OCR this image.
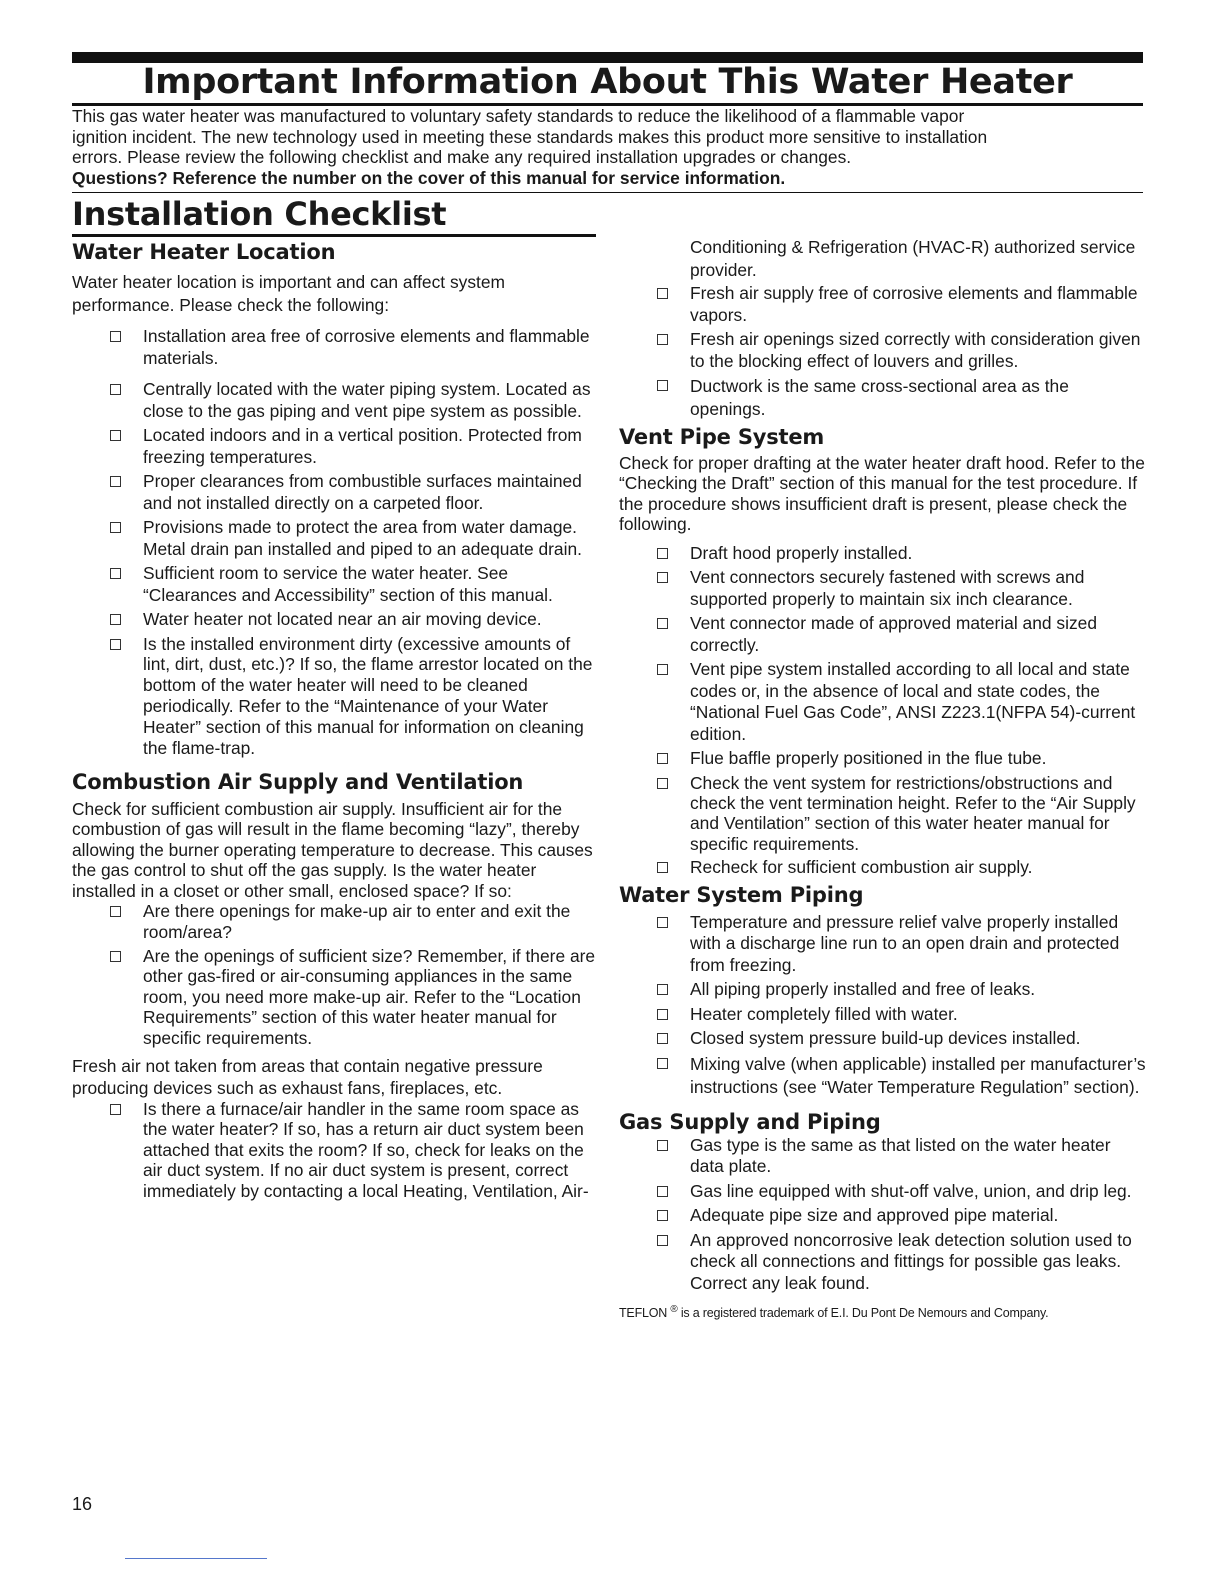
Important Information About This Water Heater

This gas water heater was manufactured to voluntary safety standards to reduce the likelihood of a flammable vapor

ignition incident. The new technology used in meeting these standards makes this product more sensitive to installation

errors. Please review the following checklist and make any required installation upgrades or changes.

Questions? Reference the number on the cover of this manual for service information.

Installation Checklist
Water Heater Location

Water heater location is important and can affect system performance. Please check the following:

Installation area free of corrosive elements and flammable materials.
Centrally located with the water piping system. Located as close to the gas piping and vent pipe system as possible.
Located indoors and in a vertical position. Protected from freezing temperatures.
Proper clearances from combustible surfaces maintained and not installed directly on a carpeted floor.
Provisions made to protect the area from water damage. Metal drain pan installed and piped to an adequate drain.
Sufficient room to service the water heater. See “Clearances and Accessibility” section of this manual.
Water heater not located near an air moving device.
Is the installed environment dirty (excessive amounts of lint, dirt, dust, etc.)? If so, the flame arrestor located on the bottom of the water heater will need to be cleaned periodically. Refer to the “Maintenance of your Water Heater” section of this manual for information on cleaning the flame-trap.
Combustion Air Supply and Ventilation

Check for sufficient combustion air supply. Insufficient air for the combustion of gas will result in the flame becoming “lazy”, thereby allowing the burner operating temperature to decrease. This causes the gas control to shut off the gas supply. Is the water heater installed in a closet or other small, enclosed space? If so:

Are there openings for make-up air to enter and exit the room/area?
Are the openings of sufficient size? Remember, if there are other gas-fired or air-consuming appliances in the same room, you need more make-up air. Refer to the “Location Requirements” section of this water heater manual for specific requirements.

Fresh air not taken from areas that contain negative pressure producing devices such as exhaust fans, fireplaces, etc.

Is there a furnace/air handler in the same room space as the water heater? If so, has a return air duct system been attached that exits the room? If so, check for leaks on the air duct system. If no air duct system is present, correct immediately by contacting a local Heating, Ventilation, Air-
Conditioning & Refrigeration (HVAC-R) authorized service provider.
Fresh air supply free of corrosive elements and flammable vapors.
Fresh air openings sized correctly with consideration given to the blocking effect of louvers and grilles.
Ductwork is the same cross-sectional area as the openings.
Vent Pipe System

Check for proper drafting at the water heater draft hood. Refer to the “Checking the Draft” section of this manual for the test procedure. If the procedure shows insufficient draft is present, please check the following.

Draft hood properly installed.
Vent connectors securely fastened with screws and supported properly to maintain six inch clearance.
Vent connector made of approved material and sized correctly.
Vent pipe system installed according to all local and state codes or, in the absence of local and state codes, the “National Fuel Gas Code”, ANSI Z223.1(NFPA 54)-current edition.
Flue baffle properly positioned in the flue tube.
Check the vent system for restrictions/obstructions and check the vent termination height. Refer to the “Air Supply and Ventilation” section of this water heater manual for specific requirements.
Recheck for sufficient combustion air supply.
Water System Piping
Temperature and pressure relief valve properly installed with a discharge line run to an open drain and protected from freezing.
All piping properly installed and free of leaks.
Heater completely filled with water.
Closed system pressure build-up devices installed.
Mixing valve (when applicable) installed per manufacturer’s instructions (see “Water Temperature Regulation” section).
Gas Supply and Piping
Gas type is the same as that listed on the water heater data plate.
Gas line equipped with shut-off valve, union, and drip leg.
Adequate pipe size and approved pipe material.
An approved noncorrosive leak detection solution used to check all connections and fittings for possible gas leaks. Correct any leak found.

TEFLON ® is a registered trademark of E.I. Du Pont De Nemours and Company.

16
